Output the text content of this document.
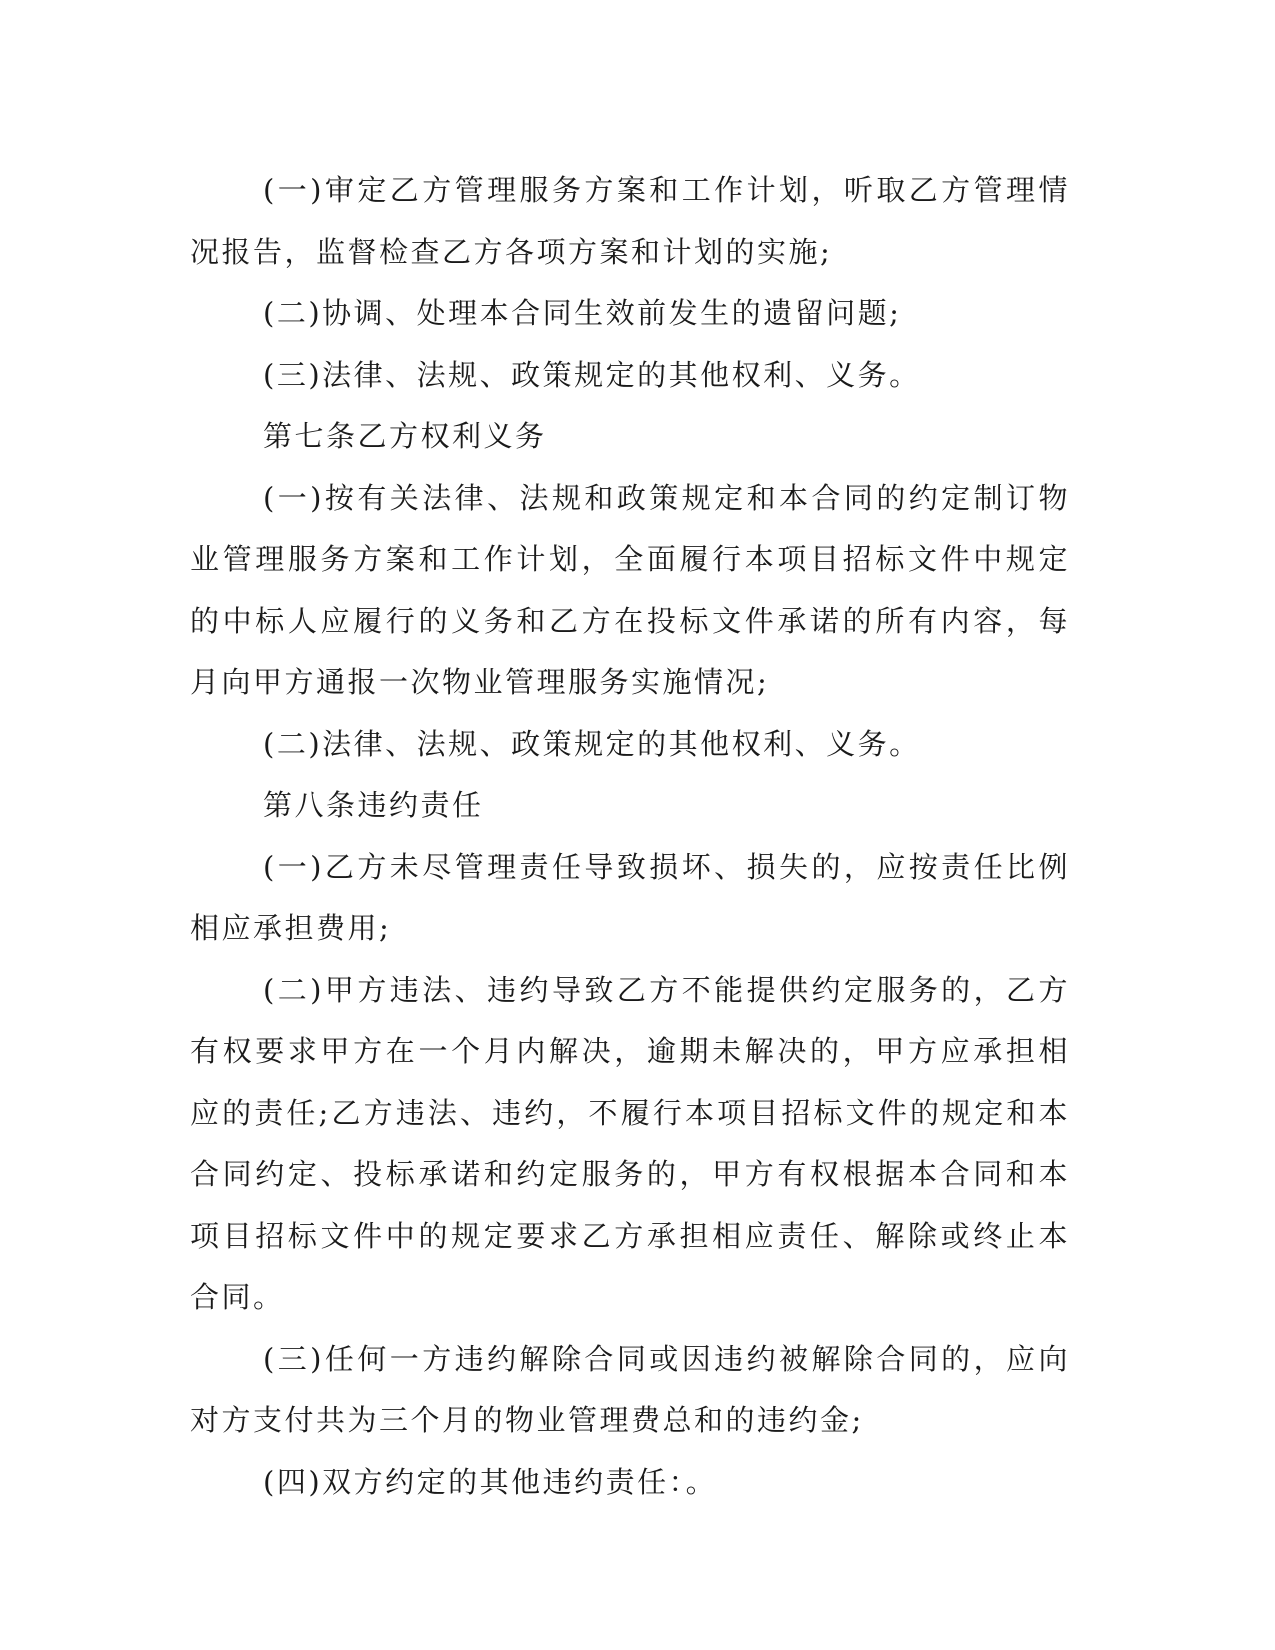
(一)审定乙方管理服务方案和工作计划，听取乙方管理情况报告，监督检查乙方各项方案和计划的实施;

(二)协调、处理本合同生效前发生的遗留问题;

(三)法律、法规、政策规定的其他权利、义务。

第七条乙方权利义务

(一)按有关法律、法规和政策规定和本合同的约定制订物业管理服务方案和工作计划，全面履行本项目招标文件中规定的中标人应履行的义务和乙方在投标文件承诺的所有内容，每月向甲方通报一次物业管理服务实施情况;

(二)法律、法规、政策规定的其他权利、义务。

第八条违约责任

(一)乙方未尽管理责任导致损坏、损失的，应按责任比例相应承担费用;

(二)甲方违法、违约导致乙方不能提供约定服务的，乙方有权要求甲方在一个月内解决，逾期未解决的，甲方应承担相应的责任;乙方违法、违约，不履行本项目招标文件的规定和本合同约定、投标承诺和约定服务的，甲方有权根据本合同和本项目招标文件中的规定要求乙方承担相应责任、解除或终止本合同。

(三)任何一方违约解除合同或因违约被解除合同的，应向对方支付共为三个月的物业管理费总和的违约金;

(四)双方约定的其他违约责任：。
